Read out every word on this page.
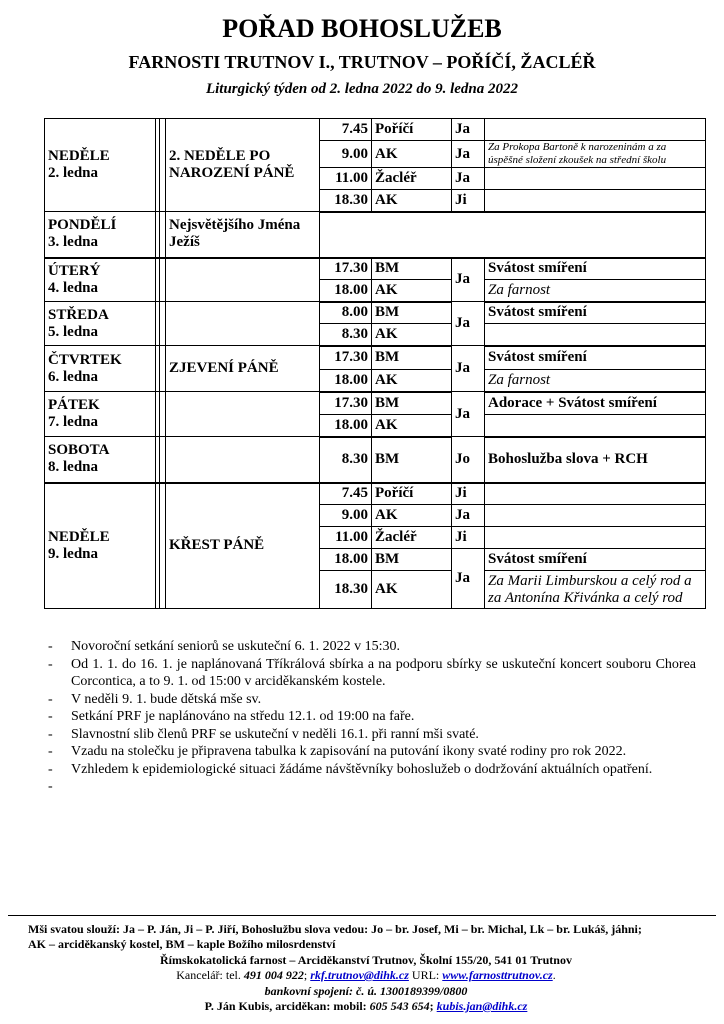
POŘAD BOHOSLUŽEB
FARNOSTI TRUTNOV I., TRUTNOV – POŘÍČÍ, ŽACLÉŘ
Liturgický týden od 2. ledna 2022 do 9. ledna 2022
NEDĚLE
2. ledna			2. NEDĚLE PO NAROZENÍ PÁNĚ	7.45	Poříčí	Ja	
				9.00	AK	Ja	Za Prokopa Bartoně k narozeninám a za úspěšné složení zkoušek na střední školu

				11.00	Žacléř	Ja	
				18.30	AK	Ji	
PONDĚLÍ
3. ledna			Nejsvětějšího Jména Ježíš				
ÚTERÝ
4. ledna				17.30	BM	Ja	Svátost smíření
				18.00	AK		Za farnost
STŘEDA
5. ledna				8.00	BM	Ja	Svátost smíření
				8.30	AK		
ČTVRTEK
6. ledna			ZJEVENÍ PÁNĚ	17.30	BM	Ja	Svátost smíření
				18.00	AK		Za farnost
PÁTEK
7. ledna				17.30	BM	Ja	Adorace + Svátost smíření
				18.00	AK		
SOBOTA
8. ledna				8.30	BM	Jo	Bohoslužba slova + RCH
NEDĚLE
9. ledna			KŘEST PÁNĚ	7.45	Poříčí	Ji	
				9.00	AK	Ja	
				11.00	Žacléř	Ji	
				18.00	BM	Ja	Svátost smíření
				18.30	AK		Za Marii Limburskou a celý rod a za Antonína Křivánka a celý rod
- Novoroční setkání seniorů se uskuteční 6. 1. 2022 v 15:30.
- Od 1. 1. do 16. 1. je naplánovaná Tříkrálová sbírka a na podporu sbírky se uskuteční koncert souboru Chorea Corcontica, a to 9. 1. od 15:00 v arciděkanském kostele.
- V neděli 9. 1. bude dětská mše sv.
- Setkání PRF je naplánováno na středu 12.1. od 19:00 na faře.
- Slavnostní slib členů PRF se uskuteční v neděli 16.1. při ranní mši svaté.
- Vzadu na stolečku je připravena tabulka k zapisování na putování ikony svaté rodiny pro rok 2022.
- Vzhledem k epidemiologické situaci žádáme návštěvníky bohoslužeb o dodržování aktuálních opatření.
-
Mši svatou slouží: Ja – P. Ján, Ji – P. Jiří, Bohoslužbu slova vedou: Jo – br. Josef, Mi – br. Michal, Lk – br. Lukáš, jáhni;
AK – arciděkanský kostel, BM – kaple Božího milosrdenství
Římskokatolická farnost – Arciděkanství Trutnov, Školní 155/20, 541 01 Trutnov
Kancelář: tel. 491 004 922; rkf.trutnov@dihk.cz URL: www.farnosttrutnov.cz.
bankovní spojení: č. ú. 1300189399/0800
P. Ján Kubis, arciděkan: mobil: 605 543 654; kubis.jan@dihk.cz
